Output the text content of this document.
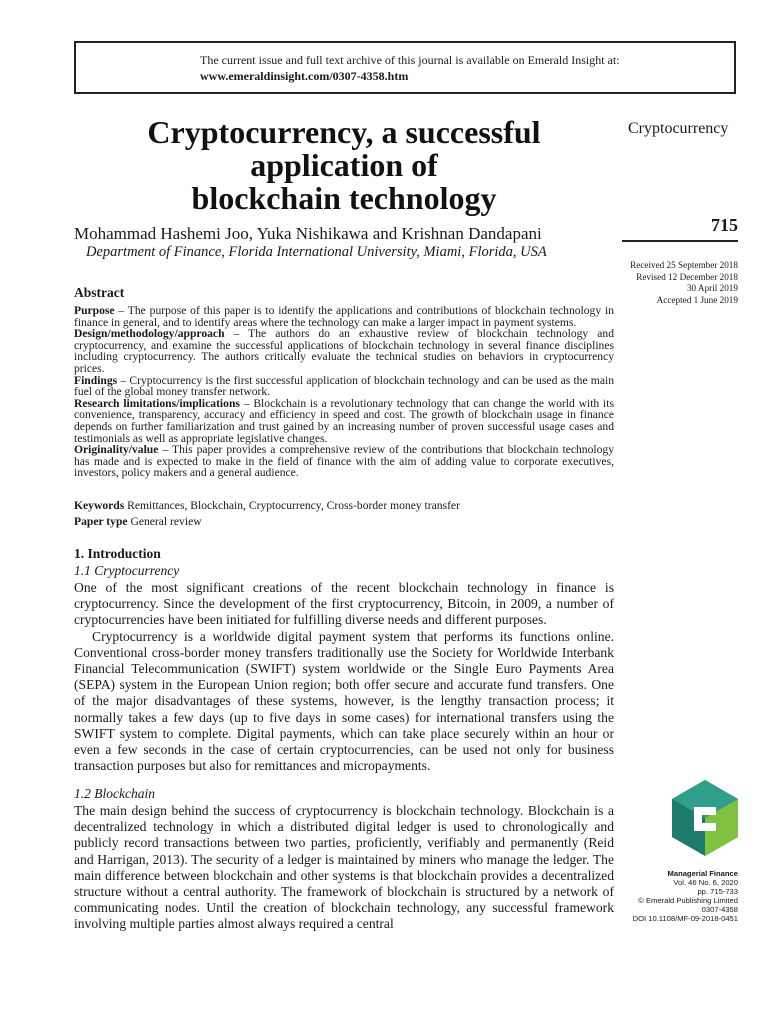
The current issue and full text archive of this journal is available on Emerald Insight at:
www.emeraldinsight.com/0307-4358.htm
Cryptocurrency, a successful
application of
blockchain technology
Cryptocurrency
715
Received 25 September 2018
Revised 12 December 2018
30 April 2019
Accepted 1 June 2019
Mohammad Hashemi Joo, Yuka Nishikawa and Krishnan Dandapani
Department of Finance, Florida International University, Miami, Florida, USA
Abstract

Purpose – The purpose of this paper is to identify the applications and contributions of blockchain technology in finance in general, and to identify areas where the technology can make a larger impact in payment systems.

Design/methodology/approach – The authors do an exhaustive review of blockchain technology and cryptocurrency, and examine the successful applications of blockchain technology in several finance disciplines including cryptocurrency. The authors critically evaluate the technical studies on behaviors in cryptocurrency prices.

Findings – Cryptocurrency is the first successful application of blockchain technology and can be used as the main fuel of the global money transfer network.

Research limitations/implications – Blockchain is a revolutionary technology that can change the world with its convenience, transparency, accuracy and efficiency in speed and cost. The growth of blockchain usage in finance depends on further familiarization and trust gained by an increasing number of proven successful usage cases and testimonials as well as appropriate legislative changes.

Originality/value – This paper provides a comprehensive review of the contributions that blockchain technology has made and is expected to make in the field of finance with the aim of adding value to corporate executives, investors, policy makers and a general audience.

Keywords Remittances, Blockchain, Cryptocurrency, Cross-border money transfer
Paper type General review
1. Introduction
1.1 Cryptocurrency

One of the most significant creations of the recent blockchain technology in finance is cryptocurrency. Since the development of the first cryptocurrency, Bitcoin, in 2009, a number of cryptocurrencies have been initiated for fulfilling diverse needs and different purposes.

Cryptocurrency is a worldwide digital payment system that performs its functions online. Conventional cross-border money transfers traditionally use the Society for Worldwide Interbank Financial Telecommunication (SWIFT) system worldwide or the Single Euro Payments Area (SEPA) system in the European Union region; both offer secure and accurate fund transfers. One of the major disadvantages of these systems, however, is the lengthy transaction process; it normally takes a few days (up to five days in some cases) for international transfers using the SWIFT system to complete. Digital payments, which can take place securely within an hour or even a few seconds in the case of certain cryptocurrencies, can be used not only for business transaction purposes but also for remittances and micropayments.

1.2 Blockchain

The main design behind the success of cryptocurrency is blockchain technology. Blockchain is a decentralized technology in which a distributed digital ledger is used to chronologically and publicly record transactions between two parties, proficiently, verifiably and permanently (Reid and Harrigan, 2013). The security of a ledger is maintained by miners who manage the ledger. The main difference between blockchain and other systems is that blockchain provides a decentralized structure without a central authority. The framework of blockchain is structured by a network of communicating nodes. Until the creation of blockchain technology, any successful framework involving multiple parties almost always required a central

Managerial Finance
Vol. 46 No. 6, 2020
pp. 715-733
© Emerald Publishing Limited
0307-4358
DOI 10.1108/MF-09-2018-0451
